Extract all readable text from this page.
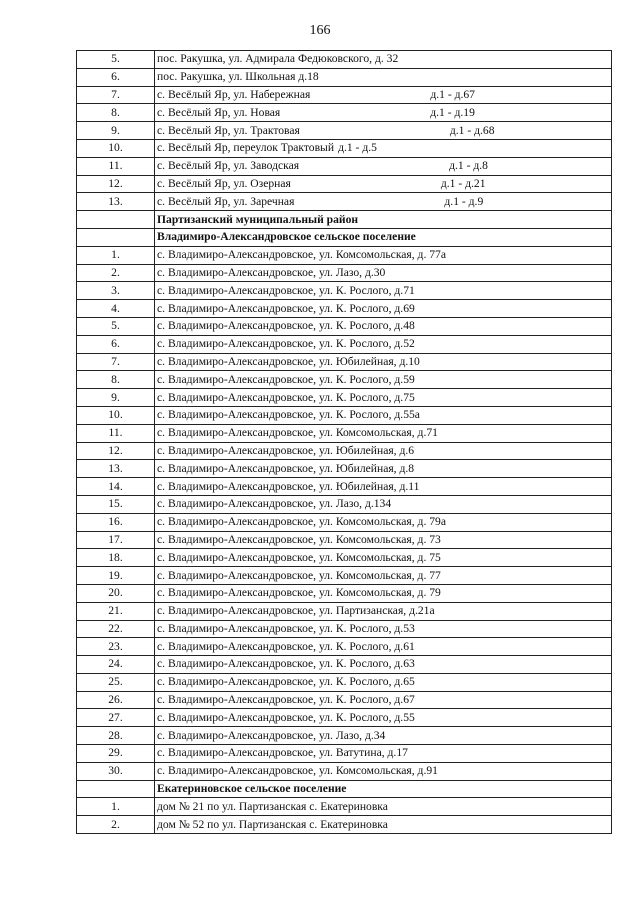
166
5.	пос. Ракушка, ул. Адмирала Федюковского, д. 32
6.	пос. Ракушка, ул. Школьная д.18
7.	с. Весёлый Яр, ул. Набережная д.1 - д.67
8.	с. Весёлый Яр, ул. Новая д.1 - д.19
9.	с. Весёлый Яр, ул. Трактовая д.1 - д.68
10.	с. Весёлый Яр, переулок Трактовый д.1 - д.5
11.	с. Весёлый Яр, ул. Заводская д.1 - д.8
12.	с. Весёлый Яр, ул. Озерная д.1 - д.21
13.	с. Весёлый Яр, ул. Заречная д.1 - д.9
	Партизанский муниципальный район
	Владимиро-Александровское сельское поселение
1.	с. Владимиро-Александровское, ул. Комсомольская, д. 77а
2.	с. Владимиро-Александровское, ул. Лазо, д.30
3.	с. Владимиро-Александровское, ул. К. Рослого, д.71
4.	с. Владимиро-Александровское, ул. К. Рослого, д.69
5.	с. Владимиро-Александровское, ул. К. Рослого, д.48
6.	с. Владимиро-Александровское, ул. К. Рослого, д.52
7.	с. Владимиро-Александровское, ул. Юбилейная, д.10
8.	с. Владимиро-Александровское, ул. К. Рослого, д.59
9.	с. Владимиро-Александровское, ул. К. Рослого, д.75
10.	с. Владимиро-Александровское, ул. К. Рослого, д.55а
11.	с. Владимиро-Александровское, ул. Комсомольская, д.71
12.	с. Владимиро-Александровское, ул. Юбилейная, д.6
13.	с. Владимиро-Александровское, ул. Юбилейная, д.8
14.	с. Владимиро-Александровское, ул. Юбилейная, д.11
15.	с. Владимиро-Александровское, ул. Лазо, д.134
16.	с. Владимиро-Александровское, ул. Комсомольская, д. 79а
17.	с. Владимиро-Александровское, ул. Комсомольская, д. 73
18.	с. Владимиро-Александровское, ул. Комсомольская, д. 75
19.	с. Владимиро-Александровское, ул. Комсомольская, д. 77
20.	с. Владимиро-Александровское, ул. Комсомольская, д. 79
21.	с. Владимиро-Александровское, ул. Партизанская, д.21а
22.	с. Владимиро-Александровское, ул. К. Рослого, д.53
23.	с. Владимиро-Александровское, ул. К. Рослого, д.61
24.	с. Владимиро-Александровское, ул. К. Рослого, д.63
25.	с. Владимиро-Александровское, ул. К. Рослого, д.65
26.	с. Владимиро-Александровское, ул. К. Рослого, д.67
27.	с. Владимиро-Александровское, ул. К. Рослого, д.55
28.	с. Владимиро-Александровское, ул. Лазо, д.34
29.	с. Владимиро-Александровское, ул. Ватутина, д.17
30.	с. Владимиро-Александровское, ул. Комсомольская, д.91
	Екатериновское сельское поселение
1.	дом № 21 по ул. Партизанская с. Екатериновка
2.	дом № 52 по ул. Партизанская с. Екатериновка
